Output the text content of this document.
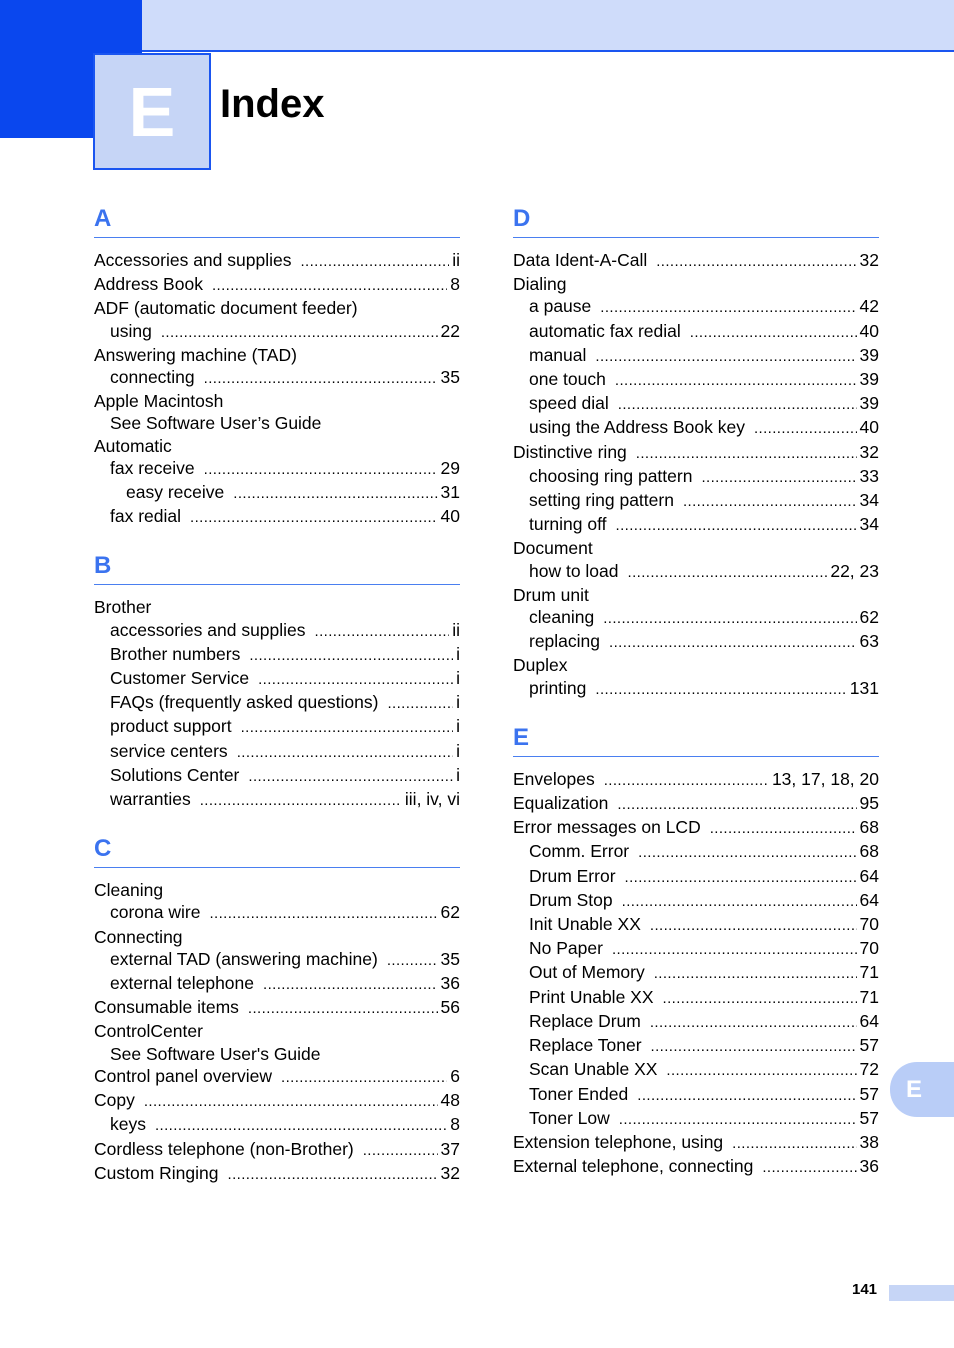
E Index
A
Accessories and supplies .....	ii
Address Book .....	8
ADF (automatic document feeder)
using .....	22
Answering machine (TAD)
connecting .....	35
Apple Macintosh
See Software User’s Guide
Automatic
fax receive .....	29
easy receive .....	31
fax redial .....	40
B
Brother
accessories and supplies .....	ii
Brother numbers .....	i
Customer Service .....	i
FAQs (frequently asked questions) .....	i
product support .....	i
service centers .....	i
Solutions Center .....	i
warranties .....	iii, iv, vi
C
Cleaning
corona wire .....	62
Connecting
external TAD (answering machine) .....	35
external telephone .....	36
Consumable items .....	56
ControlCenter
See Software User's Guide
Control panel overview .....	6
Copy .....	48
keys .....	8
Cordless telephone (non-Brother) .....	37
Custom Ringing .....	32
D
Data Ident-A-Call .....	32
Dialing
a pause .....	42
automatic fax redial .....	40
manual .....	39
one touch .....	39
speed dial .....	39
using the Address Book key .....	40
Distinctive ring .....	32
choosing ring pattern .....	33
setting ring pattern .....	34
turning off .....	34
Document
how to load .....	22, 23
Drum unit
cleaning .....	62
replacing .....	63
Duplex
printing .....	131
E
Envelopes .....	13, 17, 18, 20
Equalization .....	95
Error messages on LCD .....	68
Comm. Error .....	68
Drum Error .....	64
Drum Stop .....	64
Init Unable XX .....	70
No Paper .....	70
Out of Memory .....	71
Print Unable XX .....	71
Replace Drum .....	64
Replace Toner .....	57
Scan Unable XX .....	72
Toner Ended .....	57
Toner Low .....	57
Extension telephone, using .....	38
External telephone, connecting .....	36
E
141
